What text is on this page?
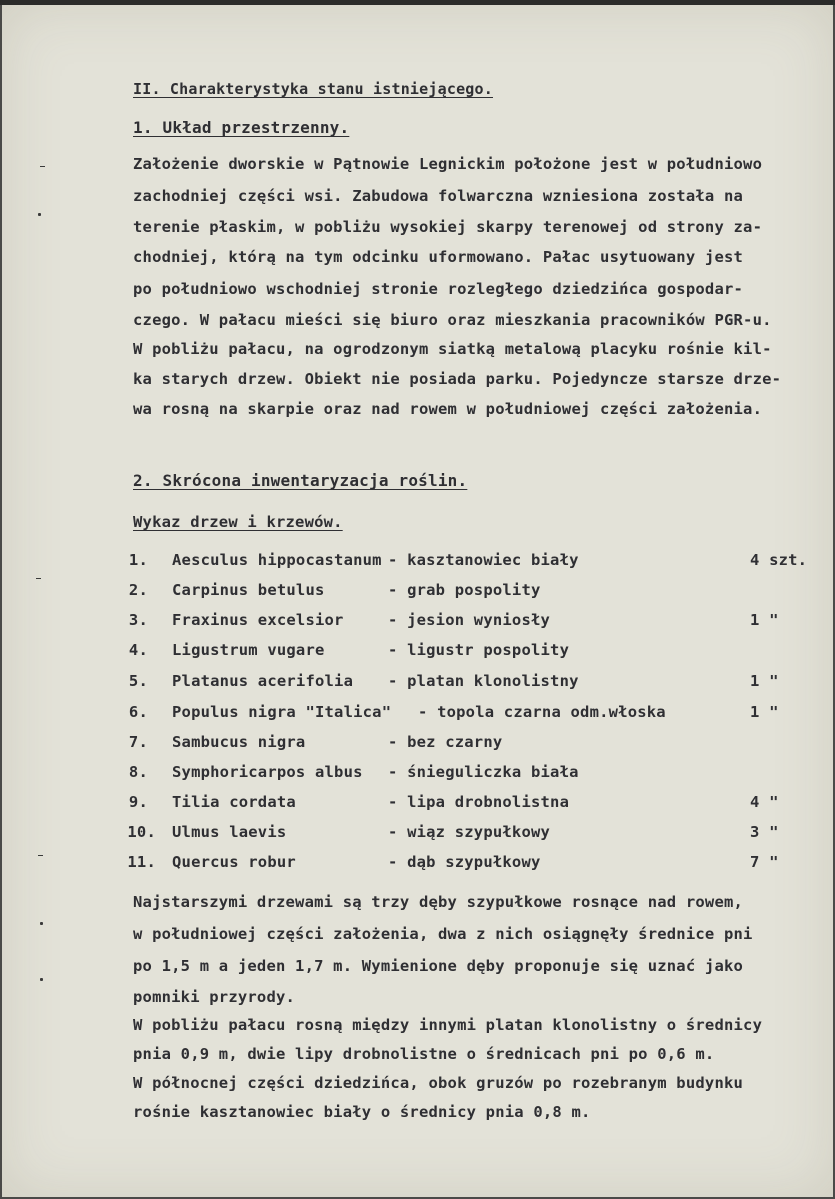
II. Charakterystyka stanu istniejącego.
1. Układ przestrzenny.
Założenie dworskie w Pątnowie Legnickim położone jest w południowo
zachodniej części wsi. Zabudowa folwarczna wzniesiona została na
terenie płaskim, w pobliżu wysokiej skarpy terenowej od strony za-
chodniej, którą na tym odcinku uformowano. Pałac usytuowany jest
po południowo wschodniej stronie rozległego dziedzińca gospodar-
czego. W pałacu mieści się biuro oraz mieszkania pracowników PGR-u.
W pobliżu pałacu, na ogrodzonym siatką metalową placyku rośnie kil-
ka starych drzew. Obiekt nie posiada parku. Pojedyncze starsze drze-
wa rosną na skarpie oraz nad rowem w południowej części założenia.
2. Skrócona inwentaryzacja roślin.
Wykaz drzew i krzewów.
1. Aesculus hippocastanum - kasztanowiec biały	4 szt.
2. Carpinus betulus	- grab pospolity
3. Fraxinus excelsior	- jesion wyniosły	1 "
4. Ligustrum vugare	- ligustr pospolity
5. Platanus acerifolia - platan klonolistny	1 "
6. Populus nigra "Italica" - topola czarna odm.włoska	1 "
7. Sambucus nigra	- bez czarny
8. Symphoricarpos albus - śnieguliczka biała
9. Tilia cordata	- lipa drobnolistna	4 "
10. Ulmus laevis	- wiąz szypułkowy	3 "
11. Quercus robur	- dąb szypułkowy	7 "
Najstarszymi drzewami są trzy dęby szypułkowe rosnące nad rowem,
w południowej części założenia, dwa z nich osiągnęły średnice pni
po 1,5 m a jeden 1,7 m. Wymienione dęby proponuje się uznać jako
pomniki przyrody.
W pobliżu pałacu rosną między innymi platan klonolistny o średnicy
pnia 0,9 m, dwie lipy drobnolistne o średnicach pni po 0,6 m.
W północnej części dziedzińca, obok gruzów po rozebranym budynku
rośnie kasztanowiec biały o średnicy pnia 0,8 m.
